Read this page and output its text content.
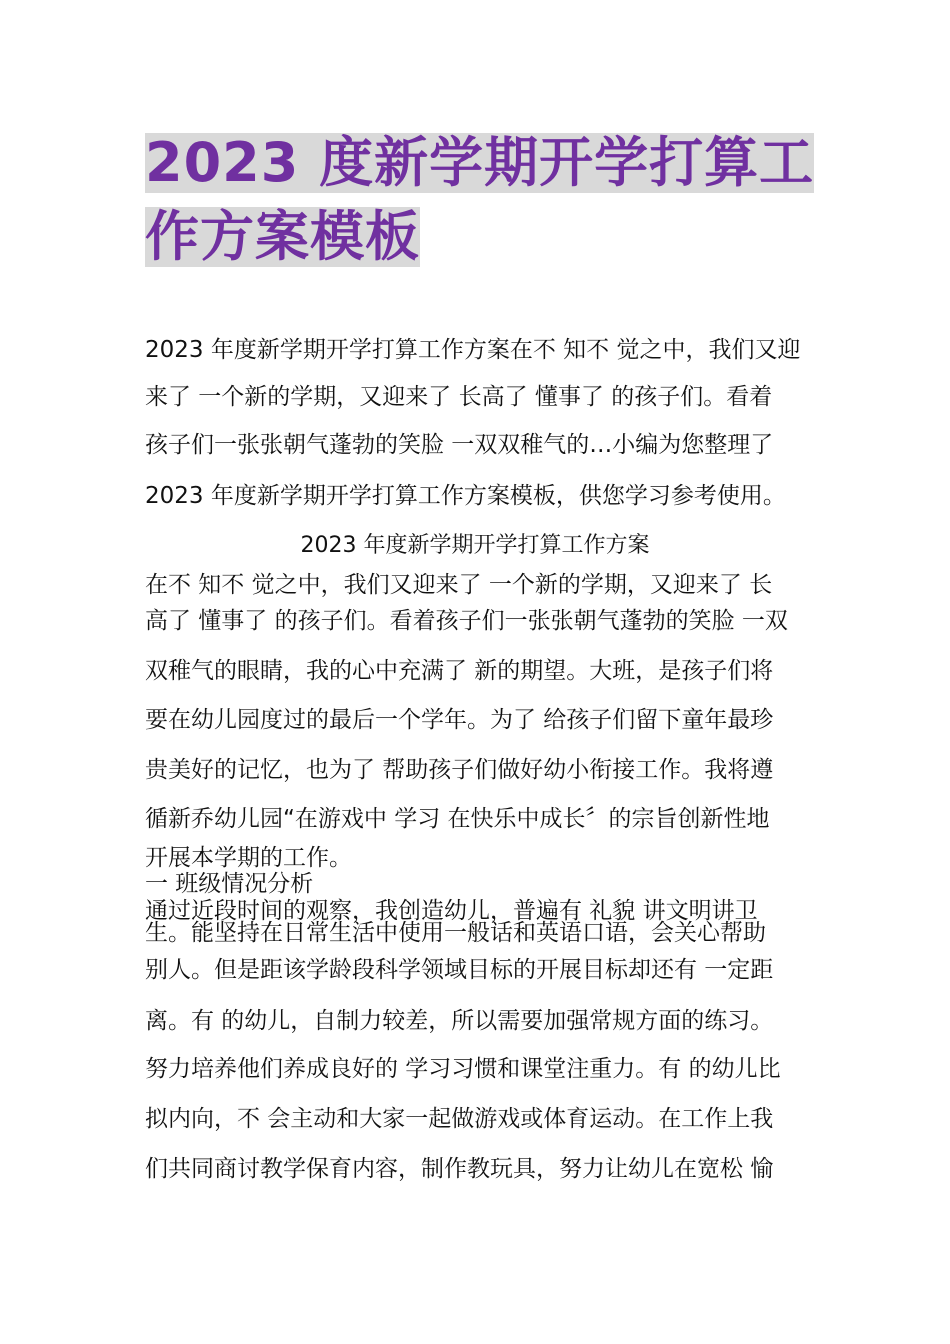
2023 度新学期开学打算工
作方案模板
2023 年度新学期开学打算工作方案在不 知不 觉之中，我们又迎
来了 一个新的学期，又迎来了 长高了 懂事了 的孩子们。看着
孩子们一张张朝气蓬勃的笑脸 一双双稚气的…小编为您整理了
2023 年度新学期开学打算工作方案模板，供您学习参考使用。
2023 年度新学期开学打算工作方案
在不 知不 觉之中，我们又迎来了 一个新的学期，又迎来了 长
高了 懂事了 的孩子们。看着孩子们一张张朝气蓬勃的笑脸 一双
双稚气的眼睛，我的心中充满了 新的期望。大班，是孩子们将
要在幼儿园度过的最后一个学年。为了 给孩子们留下童年最珍
贵美好的记忆，也为了 帮助孩子们做好幼小衔接工作。我将遵
循新乔幼儿园“在游戏中 学习 在快乐中成长〞的宗旨创新性地
开展本学期的工作。
一 班级情况分析
通过近段时间的观察，我创造幼儿，普遍有 礼貌 讲文明讲卫
生。能坚持在日常生活中使用一般话和英语口语，会关心帮助
别人。但是距该学龄段科学领域目标的开展目标却还有 一定距
离。有 的幼儿，自制力较差，所以需要加强常规方面的练习。
努力培养他们养成良好的 学习习惯和课堂注重力。有 的幼儿比
拟内向，不 会主动和大家一起做游戏或体育运动。在工作上我
们共同商讨教学保育内容，制作教玩具，努力让幼儿在宽松 愉
